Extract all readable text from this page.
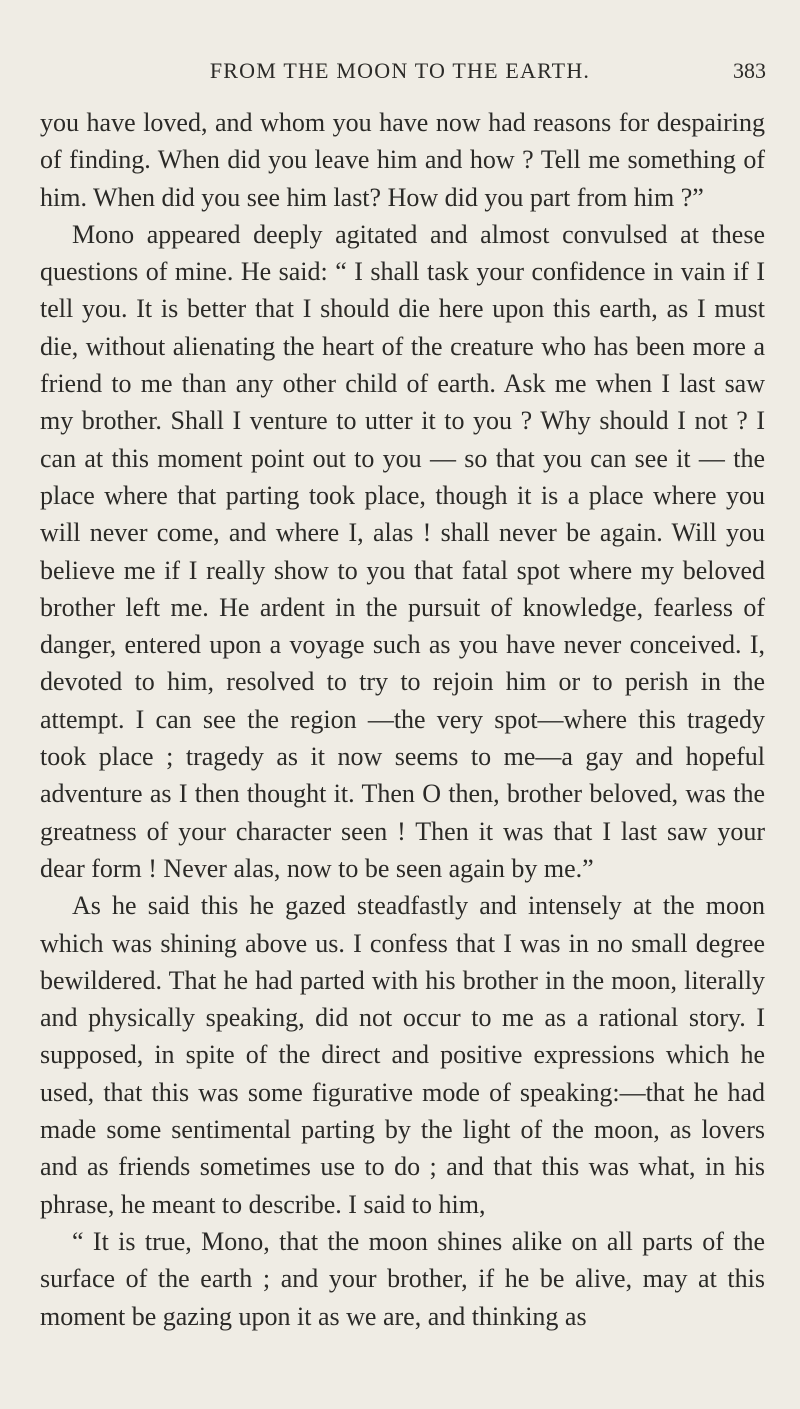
FROM THE MOON TO THE EARTH.	383

you have loved, and whom you have now had reasons for despairing of finding. When did you leave him and how ? Tell me something of him. When did you see him last? How did you part from him ?”

Mono appeared deeply agitated and almost convulsed at these questions of mine. He said: “ I shall task your confidence in vain if I tell you. It is better that I should die here upon this earth, as I must die, without alienating the heart of the creature who has been more a friend to me than any other child of earth. Ask me when I last saw my brother. Shall I venture to utter it to you ? Why should I not ? I can at this moment point out to you — so that you can see it — the place where that parting took place, though it is a place where you will never come, and where I, alas ! shall never be again. Will you believe me if I really show to you that fatal spot where my beloved brother left me. He ardent in the pursuit of knowledge, fearless of danger, entered upon a voyage such as you have never conceived. I, devoted to him, resolved to try to rejoin him or to perish in the attempt. I can see the region —the very spot—where this tragedy took place ; tragedy as it now seems to me—a gay and hopeful adventure as I then thought it. Then O then, brother beloved, was the greatness of your character seen ! Then it was that I last saw your dear form ! Never alas, now to be seen again by me.”

As he said this he gazed steadfastly and intensely at the moon which was shining above us. I confess that I was in no small degree bewildered. That he had parted with his brother in the moon, literally and physically speaking, did not occur to me as a rational story. I supposed, in spite of the direct and positive expressions which he used, that this was some figurative mode of speaking:—that he had made some sentimental parting by the light of the moon, as lovers and as friends sometimes use to do ; and that this was what, in his phrase, he meant to describe. I said to him,

“ It is true, Mono, that the moon shines alike on all parts of the surface of the earth ; and your brother, if he be alive, may at this moment be gazing upon it as we are, and thinking as
